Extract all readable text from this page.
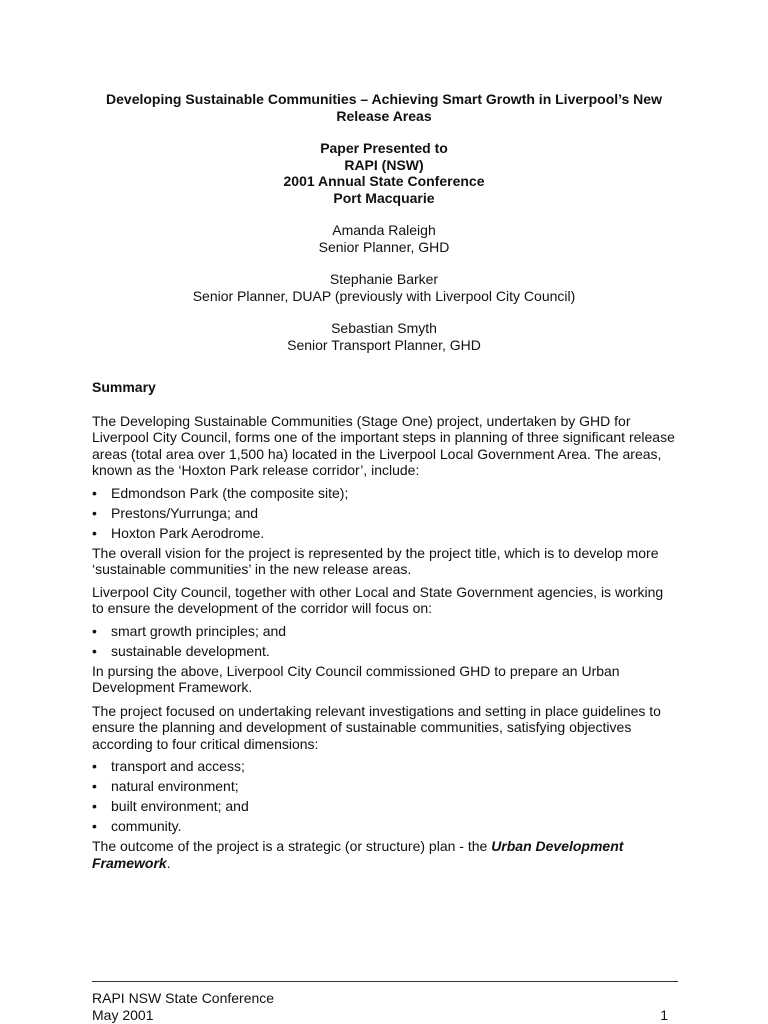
Developing Sustainable Communities – Achieving Smart Growth in Liverpool’s New

Release Areas

Paper Presented to

RAPI (NSW)

2001 Annual State Conference

Port Macquarie

Amanda Raleigh

Senior Planner, GHD

Stephanie Barker

Senior Planner, DUAP (previously with Liverpool City Council)

Sebastian Smyth

Senior Transport Planner, GHD

Summary

The Developing Sustainable Communities (Stage One) project, undertaken by GHD for Liverpool City Council, forms one of the important steps in planning of three significant release areas (total area over 1,500 ha) located in the Liverpool Local Government Area. The areas, known as the ‘Hoxton Park release corridor’, include:

•	Edmondson Park (the composite site);
•	Prestons/Yurrunga; and
•	Hoxton Park Aerodrome.

The overall vision for the project is represented by the project title, which is to develop more ‘sustainable communities’ in the new release areas.

Liverpool City Council, together with other Local and State Government agencies, is working to ensure the development of the corridor will focus on:

•	smart growth principles; and
•	sustainable development.

In pursing the above, Liverpool City Council commissioned GHD to prepare an Urban Development Framework.

The project focused on undertaking relevant investigations and setting in place guidelines to ensure the planning and development of sustainable communities, satisfying objectives according to four critical dimensions:

•	transport and access;
•	natural environment;
•	built environment; and
•	community.

The outcome of the project is a strategic (or structure) plan - the Urban Development Framework.

RAPI NSW State Conference
May 2001	1
